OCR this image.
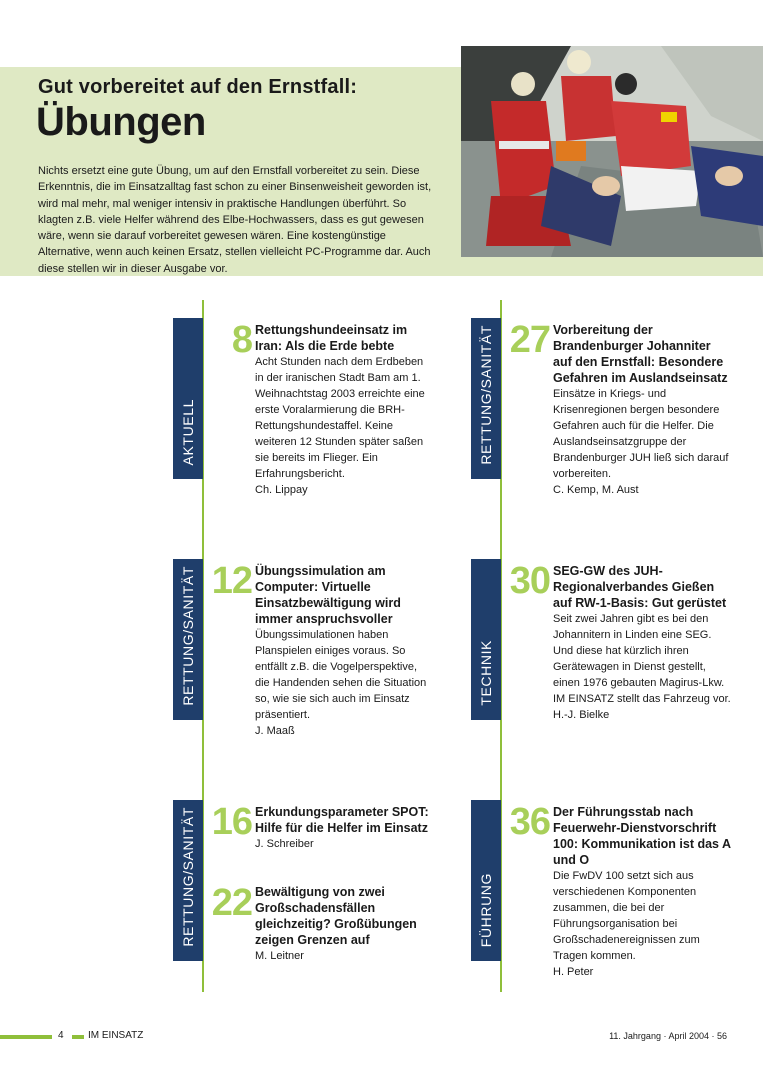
Gut vorbereitet auf den Ernstfall:
Übungen

Nichts ersetzt eine gute Übung, um auf den Ernstfall vorbereitet zu sein. Diese Erkenntnis, die im Einsatzalltag fast schon zu einer Binsenweisheit geworden ist, wird mal mehr, mal weniger intensiv in praktische Handlungen überführt. So klagten z.B. viele Helfer während des Elbe-Hochwassers, dass es gut gewesen wäre, wenn sie darauf vorbereitet gewesen wären. Eine kostengünstige Alternative, wenn auch keinen Ersatz, stellen vielleicht PC-Programme dar. Auch diese stellen wir in dieser Ausgabe vor.

AKTUELL
8 Rettungshundeeinsatz im Iran: Als die Erde bebte

Acht Stunden nach dem Erdbeben in der iranischen Stadt Bam am 1. Weihnachtstag 2003 erreichte eine erste Voralarmierung die BRH-Rettungshundestaffel. Keine weiteren 12 Stunden später saßen sie bereits im Flieger. Ein Erfahrungsbericht.

Ch. Lippay

RETTUNG/SANITÄT 27 Vorbereitung der Brandenburger Johanniter auf den Ernstfall: Besondere Gefahren im Auslandseinsatz

Einsätze in Kriegs- und Krisenregionen bergen besondere Gefahren auch für die Helfer. Die Auslandseinsatzgruppe der Brandenburger JUH ließ sich darauf vorbereiten.

C. Kemp, M. Aust

RETTUNG/SANITÄT 12 Übungssimulation am Computer: Virtuelle Einsatzbewältigung wird immer anspruchsvoller

Übungssimulationen haben Planspielen einiges voraus. So entfällt z.B. die Vogelperspektive, die Handenden sehen die Situation so, wie sie sich auch im Einsatz präsentiert.

J. Maaß

TECHNIK
30 SEG-GW des JUH-Regionalverbandes Gießen auf RW-1-Basis: Gut gerüstet

Seit zwei Jahren gibt es bei den Johannitern in Linden eine SEG. Und diese hat kürzlich ihren Gerätewagen in Dienst gestellt, einen 1976 gebauten Magirus-Lkw. IM EINSATZ stellt das Fahrzeug vor.

H.-J. Bielke

RETTUNG/SANITÄT 16 Erkundungsparameter SPOT: Hilfe für die Helfer im Einsatz

J. Schreiber

22 Bewältigung von zwei Großschadensfällen gleichzeitig? Großübungen zeigen Grenzen auf

M. Leitner

FÜHRUNG
36 Der Führungsstab nach Feuerwehr-Dienstvorschrift 100: Kommunikation ist das A und O

Die FwDV 100 setzt sich aus verschiedenen Komponenten zusammen, die bei der Führungsorganisation bei Großschadenereignissen zum Tragen kommen.

H. Peter

4 IM EINSATZ	11. Jahrgang · April 2004 · 56
